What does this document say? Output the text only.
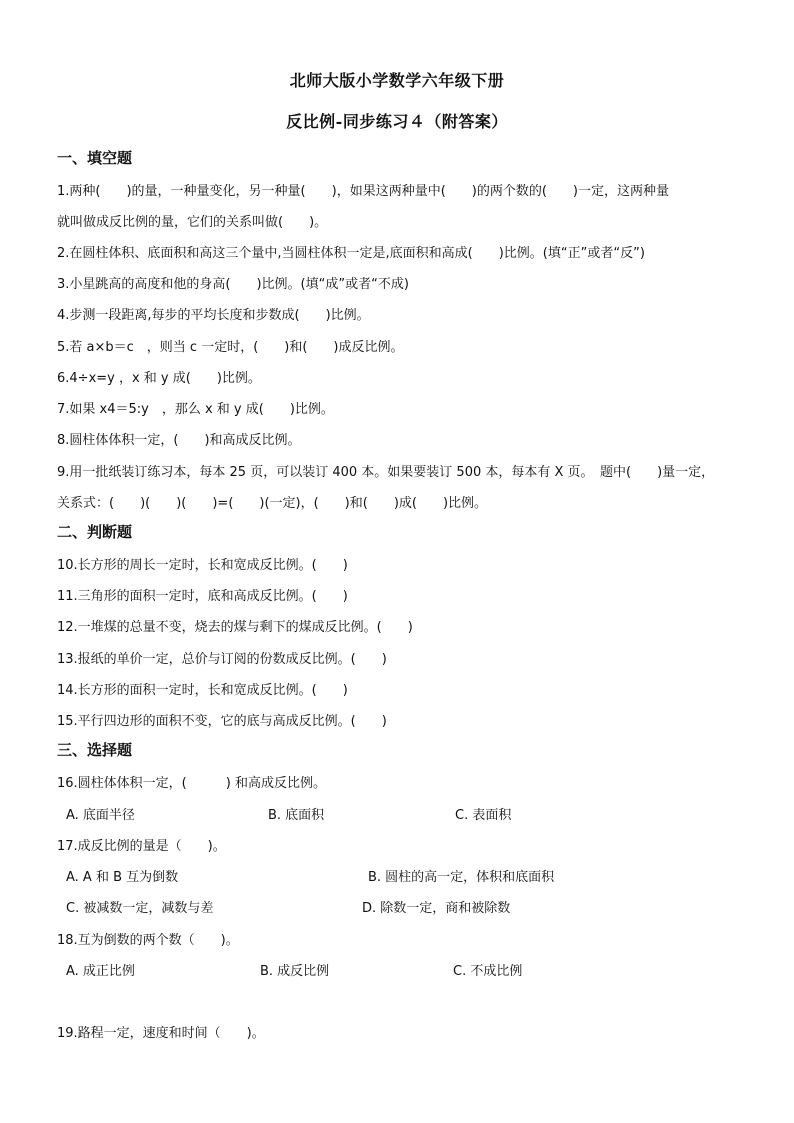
北师大版小学数学六年级下册
反比例-同步练习４（附答案）
一、填空题
1.两种(　　)的量，一种量变化，另一种量(　　)，如果这两种量中(　　)的两个数的(　　)一定，这两种量
就叫做成反比例的量，它们的关系叫做(　　)。
2.在圆柱体积、底面积和高这三个量中,当圆柱体积一定是,底面积和高成(　　)比例。(填“正”或者“反”)
3.小星跳高的高度和他的身高(　　)比例。(填“成”或者“不成)
4.步测一段距离,每步的平均长度和步数成(　　)比例。
5.若 a×b＝c　，则当 c 一定时，(　　)和(　　)成反比例。
6.4÷x=y ，x 和 y 成(　　)比例。
7.如果 x4＝5:y　，那么 x 和 y 成(　　)比例。
8.圆柱体体积一定，(　　)和高成反比例。
9.用一批纸装订练习本，每本 25 页，可以装订 400 本。如果要装订 500 本，每本有 X 页。　题中(　　)量一定，
关系式：(　　)(　　)(　　)=(　　)(一定)，(　　)和(　　)成(　　)比例。
二、判断题
10.长方形的周长一定时，长和宽成反比例。(　　)
11.三角形的面积一定时，底和高成反比例。(　　)
12.一堆煤的总量不变，烧去的煤与剩下的煤成反比例。(　　)
13.报纸的单价一定，总价与订阅的份数成反比例。(　　)
14.长方形的面积一定时，长和宽成反比例。(　　)
15.平行四边形的面积不变，它的底与高成反比例。(　　)
三、选择题
16.圆柱体体积一定，(　　　) 和高成反比例。
A. 底面半径	B. 底面积	C. 表面积
17.成反比例的量是（　　)。
A. A 和 B 互为倒数	B. 圆柱的高一定，体积和底面积
C. 被减数一定，减数与差	D. 除数一定，商和被除数
18.互为倒数的两个数（　　)。
A. 成正比例	B. 成反比例	C. 不成比例
19.路程一定，速度和时间（　　)。
